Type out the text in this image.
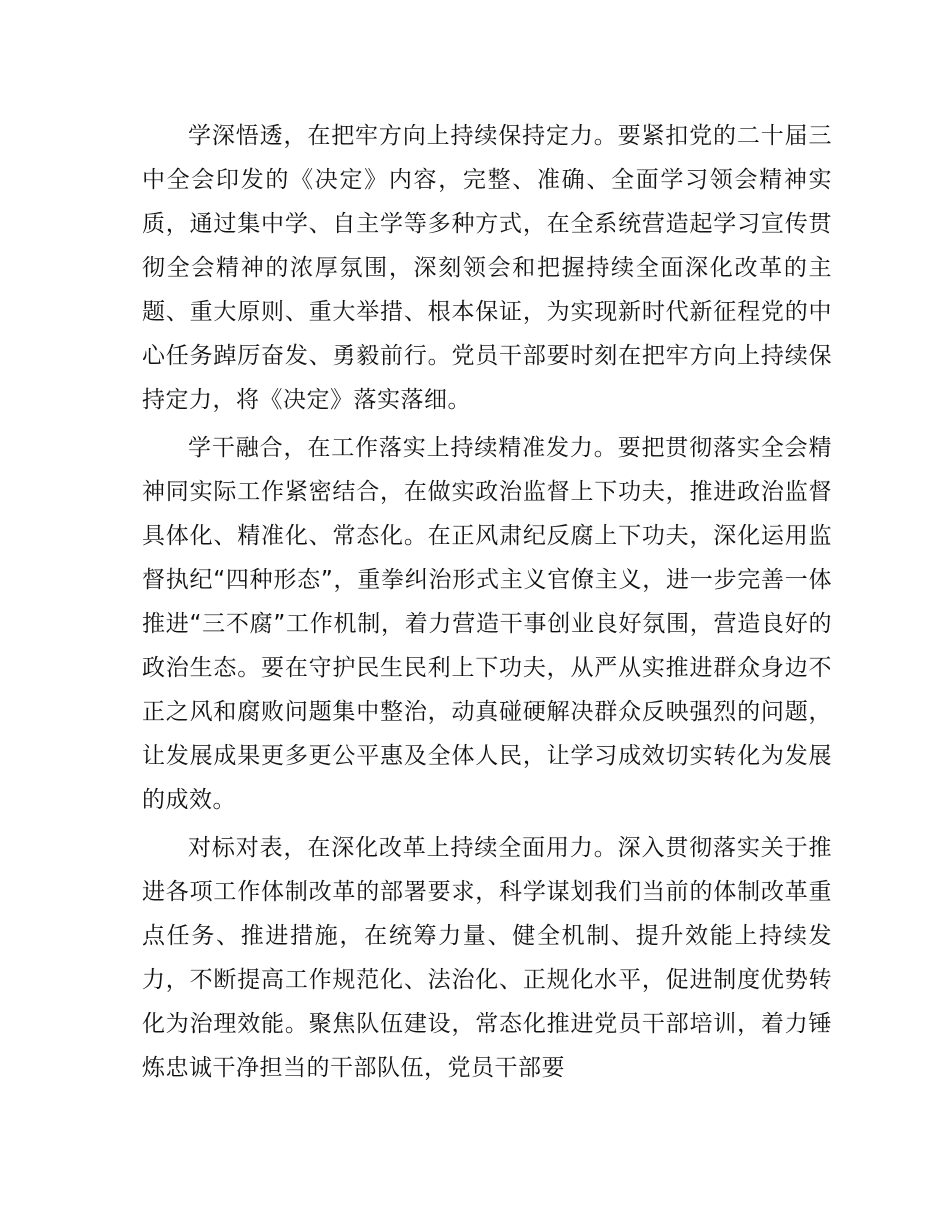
学深悟透，在把牢方向上持续保持定力。要紧扣党的二十届三中全会印发的《决定》内容，完整、准确、全面学习领会精神实质，通过集中学、自主学等多种方式，在全系统营造起学习宣传贯彻全会精神的浓厚氛围，深刻领会和把握持续全面深化改革的主题、重大原则、重大举措、根本保证，为实现新时代新征程党的中心任务踔厉奋发、勇毅前行。党员干部要时刻在把牢方向上持续保持定力，将《决定》落实落细。

学干融合，在工作落实上持续精准发力。要把贯彻落实全会精神同实际工作紧密结合，在做实政治监督上下功夫，推进政治监督具体化、精准化、常态化。在正风肃纪反腐上下功夫，深化运用监督执纪“四种形态”，重拳纠治形式主义官僚主义，进一步完善一体推进“三不腐”工作机制，着力营造干事创业良好氛围，营造良好的政治生态。要在守护民生民利上下功夫，从严从实推进群众身边不正之风和腐败问题集中整治，动真碰硬解决群众反映强烈的问题，让发展成果更多更公平惠及全体人民，让学习成效切实转化为发展的成效。

对标对表，在深化改革上持续全面用力。深入贯彻落实关于推进各项工作体制改革的部署要求，科学谋划我们当前的体制改革重点任务、推进措施，在统筹力量、健全机制、提升效能上持续发力，不断提高工作规范化、法治化、正规化水平，促进制度优势转化为治理效能。聚焦队伍建设，常态化推进党员干部培训，着力锤炼忠诚干净担当的干部队伍，党员干部要
